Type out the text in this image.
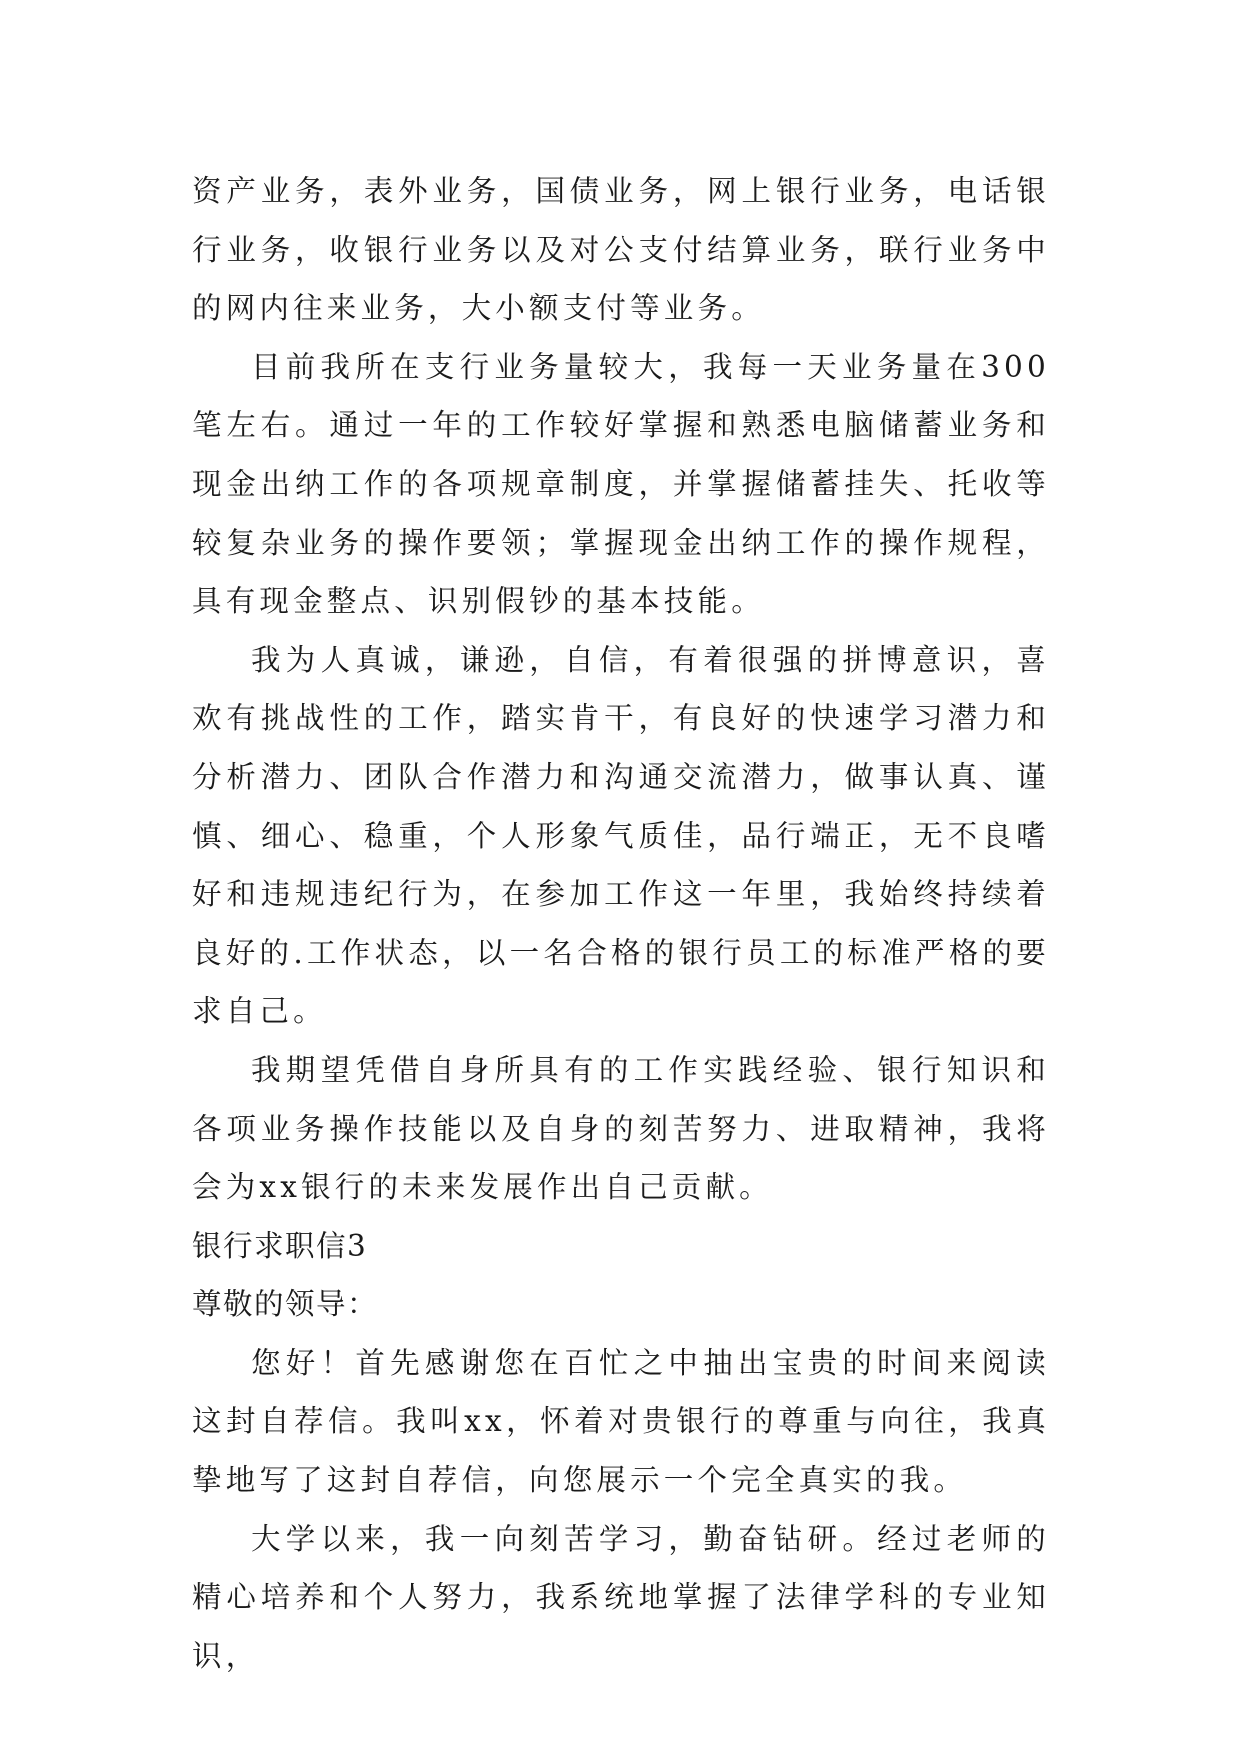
资产业务，表外业务，国债业务，网上银行业务，电话银行业务，收银行业务以及对公支付结算业务，联行业务中的网内往来业务，大小额支付等业务。

目前我所在支行业务量较大，我每一天业务量在300笔左右。通过一年的工作较好掌握和熟悉电脑储蓄业务和现金出纳工作的各项规章制度，并掌握储蓄挂失、托收等较复杂业务的操作要领；掌握现金出纳工作的操作规程，具有现金整点、识别假钞的基本技能。

我为人真诚，谦逊，自信，有着很强的拼博意识，喜欢有挑战性的工作，踏实肯干，有良好的快速学习潜力和分析潜力、团队合作潜力和沟通交流潜力，做事认真、谨慎、细心、稳重，个人形象气质佳，品行端正，无不良嗜好和违规违纪行为，在参加工作这一年里，我始终持续着良好的.工作状态，以一名合格的银行员工的标准严格的要求自己。

我期望凭借自身所具有的工作实践经验、银行知识和各项业务操作技能以及自身的刻苦努力、进取精神，我将会为xx银行的未来发展作出自己贡献。

银行求职信3

尊敬的领导：

您好！首先感谢您在百忙之中抽出宝贵的时间来阅读这封自荐信。我叫xx，怀着对贵银行的尊重与向往，我真挚地写了这封自荐信，向您展示一个完全真实的我。

大学以来，我一向刻苦学习，勤奋钻研。经过老师的精心培养和个人努力，我系统地掌握了法律学科的专业知识，
